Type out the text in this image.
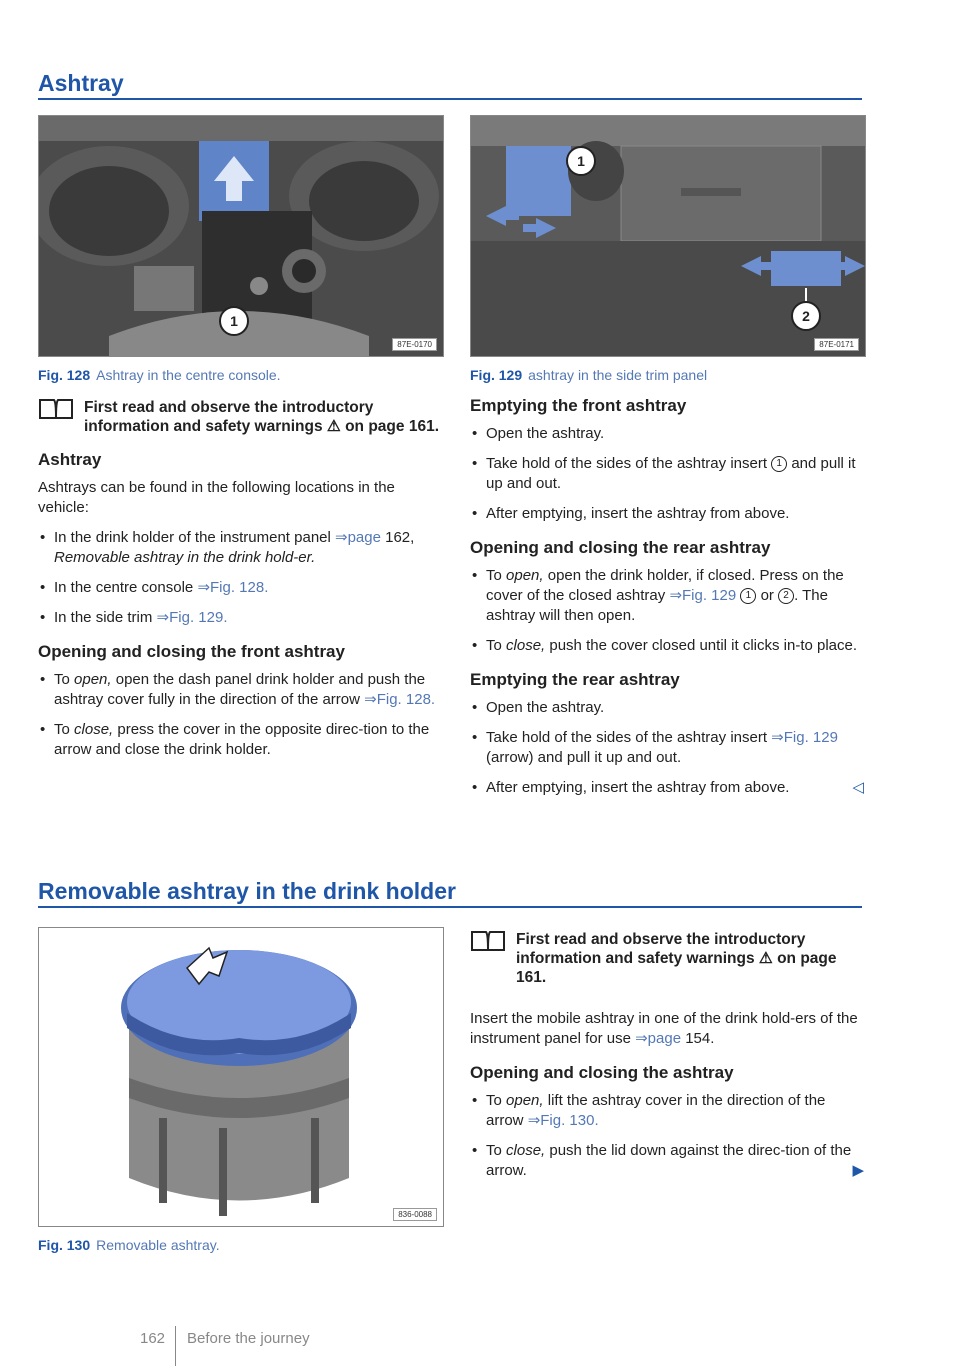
Ashtray
1
87E-0170
Fig. 128 Ashtray in the centre console.
1
2
87E-0171
Fig. 129 ashtray in the side trim panel
First read and observe the introductory information and safety warnings ⚠ on page 161.
Ashtray

Ashtrays can be found in the following locations in the vehicle:

• In the drink holder of the instrument panel ⇒page 162, Removable ashtray in the drink hold-er.
• In the centre console ⇒Fig. 128.
• In the side trim ⇒Fig. 129.
Opening and closing the front ashtray
• To open, open the dash panel drink holder and push the ashtray cover fully in the direction of the arrow ⇒Fig. 128.
• To close, press the cover in the opposite direc-tion to the arrow and close the drink holder.
Emptying the front ashtray
• Open the ashtray.
• Take hold of the sides of the ashtray insert 1 and pull it up and out.
• After emptying, insert the ashtray from above.
Opening and closing the rear ashtray
• To open, open the drink holder, if closed. Press on the cover of the closed ashtray ⇒Fig. 129 1 or 2 . The ashtray will then open.
• To close, push the cover closed until it clicks in-to place.
Emptying the rear ashtray
• Open the ashtray.
• Take hold of the sides of the ashtray insert ⇒Fig. 129 (arrow) and pull it up and out.
• After emptying, insert the ashtray from above.	◁
Removable ashtray in the drink holder
836-0088
Fig. 130 Removable ashtray.
First read and observe the introductory information and safety warnings ⚠ on page 161.

Insert the mobile ashtray in one of the drink hold-ers of the instrument panel for use ⇒page 154.

Opening and closing the ashtray
• To open, lift the ashtray cover in the direction of the arrow ⇒Fig. 130.
• To close, push the lid down against the direc-tion of the arrow.	▶
162 Before the journey
